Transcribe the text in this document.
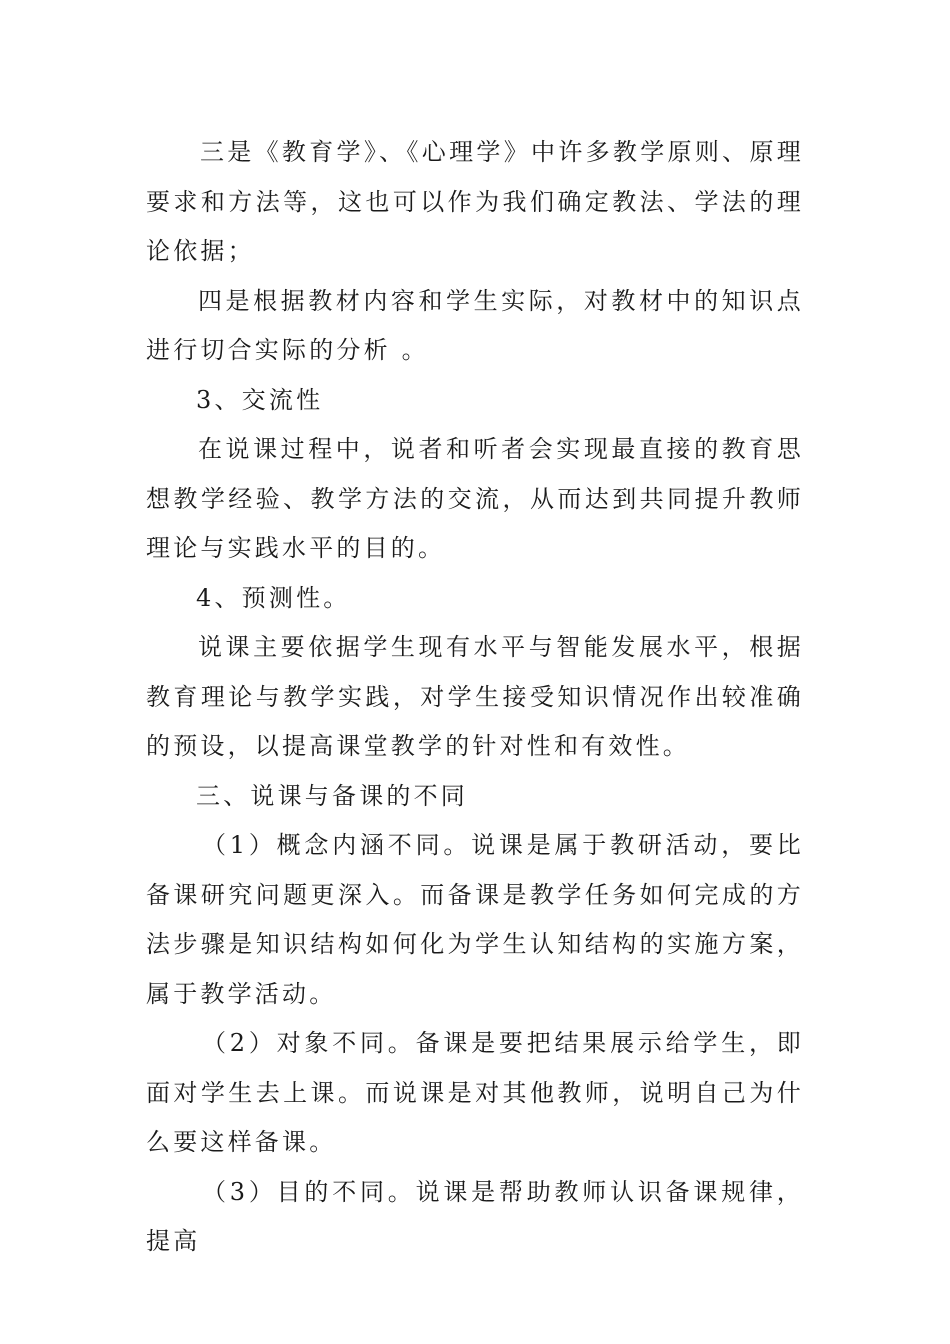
三是《教育学》、《心理学》中许多教学原则、原理要求和方法等，这也可以作为我们确定教法、学法的理论依据；

四是根据教材内容和学生实际，对教材中的知识点进行切合实际的分析 。

3、交流性

在说课过程中，说者和听者会实现最直接的教育思想教学经验、教学方法的交流，从而达到共同提升教师理论与实践水平的目的。

4、预测性。

说课主要依据学生现有水平与智能发展水平，根据教育理论与教学实践，对学生接受知识情况作出较准确的预设，以提高课堂教学的针对性和有效性。

三、说课与备课的不同

（1）概念内涵不同。说课是属于教研活动，要比备课研究问题更深入。而备课是教学任务如何完成的方法步骤是知识结构如何化为学生认知结构的实施方案，属于教学活动。

（2）对象不同。备课是要把结果展示给学生，即面对学生去上课。而说课是对其他教师，说明自己为什么要这样备课。

（3）目的不同。说课是帮助教师认识备课规律，提高
